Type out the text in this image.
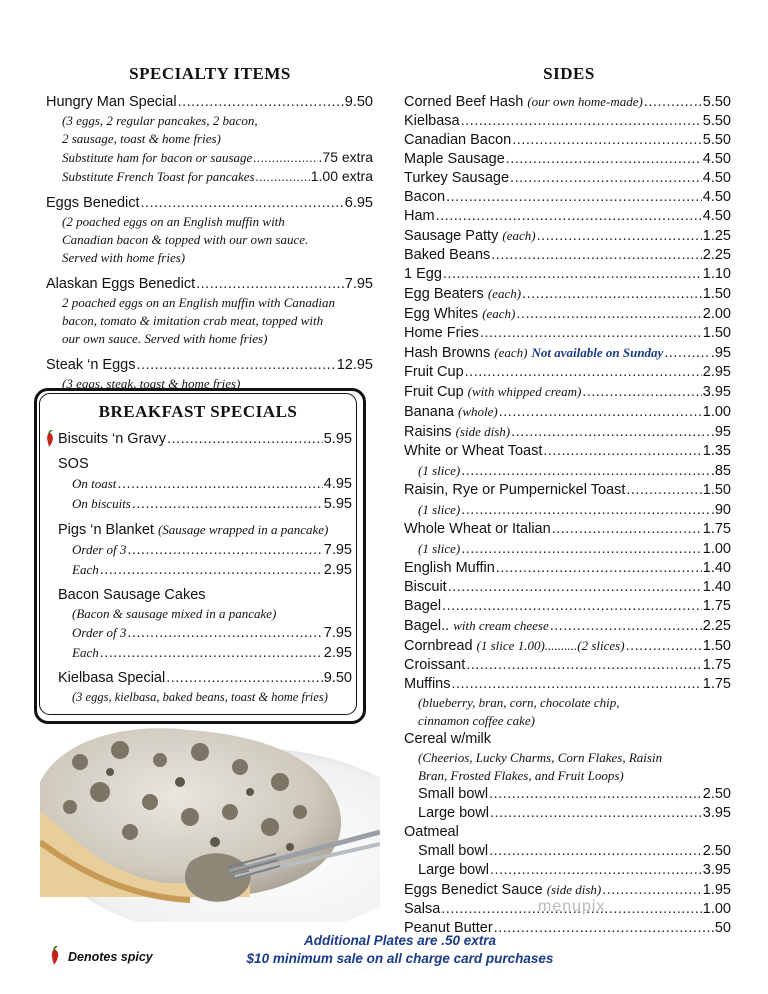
SPECIALTY ITEMS
Hungry Man Special .....	9.50
(3 eggs, 2 regular pancakes, 2 bacon,
2 sausage, toast & home fries)
Substitute ham for bacon or sausage .....	.75 extra
Substitute French Toast for pancakes .....	1.00 extra
Eggs Benedict .....	6.95
(2 poached eggs on an English muffin with
Canadian bacon & topped with our own sauce.
Served with home fries)
Alaskan Eggs Benedict .....	7.95
2 poached eggs on an English muffin with Canadian
bacon, tomato & imitation crab meat, topped with
our own sauce. Served with home fries)
Steak ‘n Eggs .....	12.95
(3 eggs, steak, toast & home fries)
BREAKFAST SPECIALS
Biscuits ‘n Gravy .....	5.95
SOS
On toast .....	4.95
On biscuits .....	5.95
Pigs ‘n Blanket
(Sausage wrapped in a pancake)
Order of 3 .....	7.95
Each .....	2.95
Bacon Sausage Cakes
(Bacon & sausage mixed in a pancake)
Order of 3 .....	7.95
Each .....	2.95
Kielbasa Special .....	9.50
(3 eggs, kielbasa, baked beans, toast & home fries)
SIDES
Corned Beef Hash
(our own home-made) .....	5.50
Kielbasa .....	5.50
Canadian Bacon .....	5.50
Maple Sausage .....	4.50
Turkey Sausage .....	4.50
Bacon .....	4.50
Ham .....	4.50
Sausage Patty
(each) .....	1.25
Baked Beans .....	2.25
1 Egg .....	1.10
Egg Beaters
(each) .....	1.50
Egg Whites
(each) .....	2.00
Home Fries .....	1.50
Hash Browns
(each)
Not available on Sunday .....	.95
Fruit Cup .....	2.95
Fruit Cup
(with whipped cream) .....	3.95
Banana
(whole) .....	1.00
Raisins
(side dish) .....	.95
White or Wheat Toast .....	1.35
(1 slice) .....	.85
Raisin, Rye or Pumpernickel Toast .....	1.50
(1 slice) .....	.90
Whole Wheat or Italian .....	1.75
(1 slice) .....	1.00
English Muffin .....	1.40
Biscuit .....	1.40
Bagel .....	1.75
Bagel..
with cream cheese .....	2.25
Cornbread
(1 slice 1.00)..........(2 slices) .....	1.50
Croissant .....	1.75
Muffins .....	1.75
(blueberry, bran, corn, chocolate chip,
cinnamon coffee cake)
Cereal w/milk
(Cheerios, Lucky Charms, Corn Flakes, Raisin
Bran, Frosted Flakes, and Fruit Loops)
Small bowl .....	2.50
Large bowl .....	3.95
Oatmeal
Small bowl .....	2.50
Large bowl .....	3.95
Eggs Benedict Sauce
(side dish) .....	1.95
Salsa .....	1.00
Peanut Butter .....	.50
menupix
Denotes spicy
Additional Plates are .50 extra
$10 minimum sale on all charge card purchases
